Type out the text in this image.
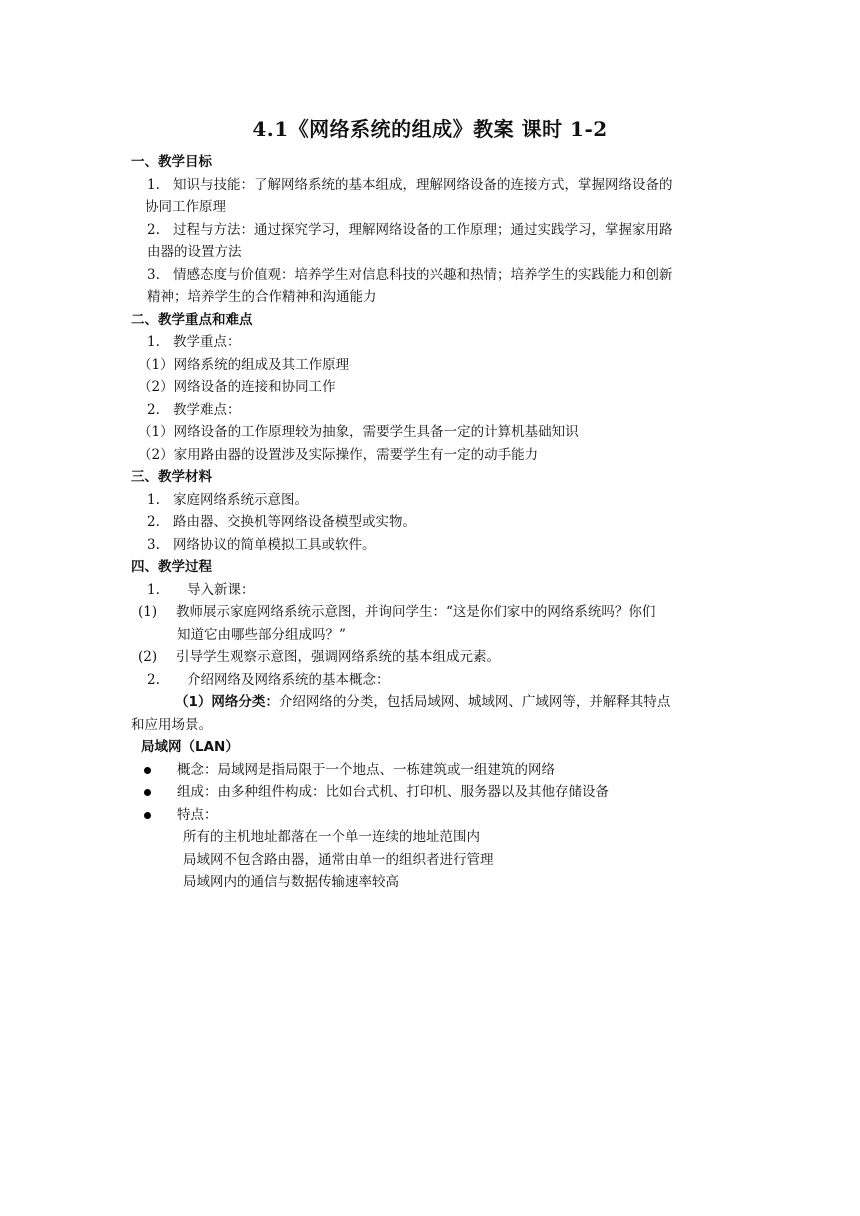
4.1《网络系统的组成》教案 课时 1-2
一、教学目标
1. 知识与技能：了解网络系统的基本组成，理解网络设备的连接方式，掌握网络设备的
协同工作原理
2. 过程与方法：通过探究学习，理解网络设备的工作原理；通过实践学习，掌握家用路
由器的设置方法
3. 情感态度与价值观：培养学生对信息科技的兴趣和热情；培养学生的实践能力和创新
精神；培养学生的合作精神和沟通能力
二、教学重点和难点
1. 教学重点：
（1）网络系统的组成及其工作原理
（2）网络设备的连接和协同工作
2. 教学难点：
（1）网络设备的工作原理较为抽象，需要学生具备一定的计算机基础知识
（2）家用路由器的设置涉及实际操作，需要学生有一定的动手能力
三、教学材料
1. 家庭网络系统示意图。
2. 路由器、交换机等网络设备模型或实物。
3. 网络协议的简单模拟工具或软件。
四、教学过程
1. 导入新课：
(1) 教师展示家庭网络系统示意图，并询问学生：“这是你们家中的网络系统吗？你们
知道它由哪些部分组成吗？”
(2) 引导学生观察示意图，强调网络系统的基本组成元素。
2. 介绍网络及网络系统的基本概念：
（1）网络分类：介绍网络的分类，包括局域网、城域网、广域网等，并解释其特点
和应用场景。
局域网（LAN）
概念：局域网是指局限于一个地点、一栋建筑或一组建筑的网络
组成：由多种组件构成：比如台式机、打印机、服务器以及其他存储设备
特点：
所有的主机地址都落在一个单一连续的地址范围内
局域网不包含路由器，通常由单一的组织者进行管理
局域网内的通信与数据传输速率较高
